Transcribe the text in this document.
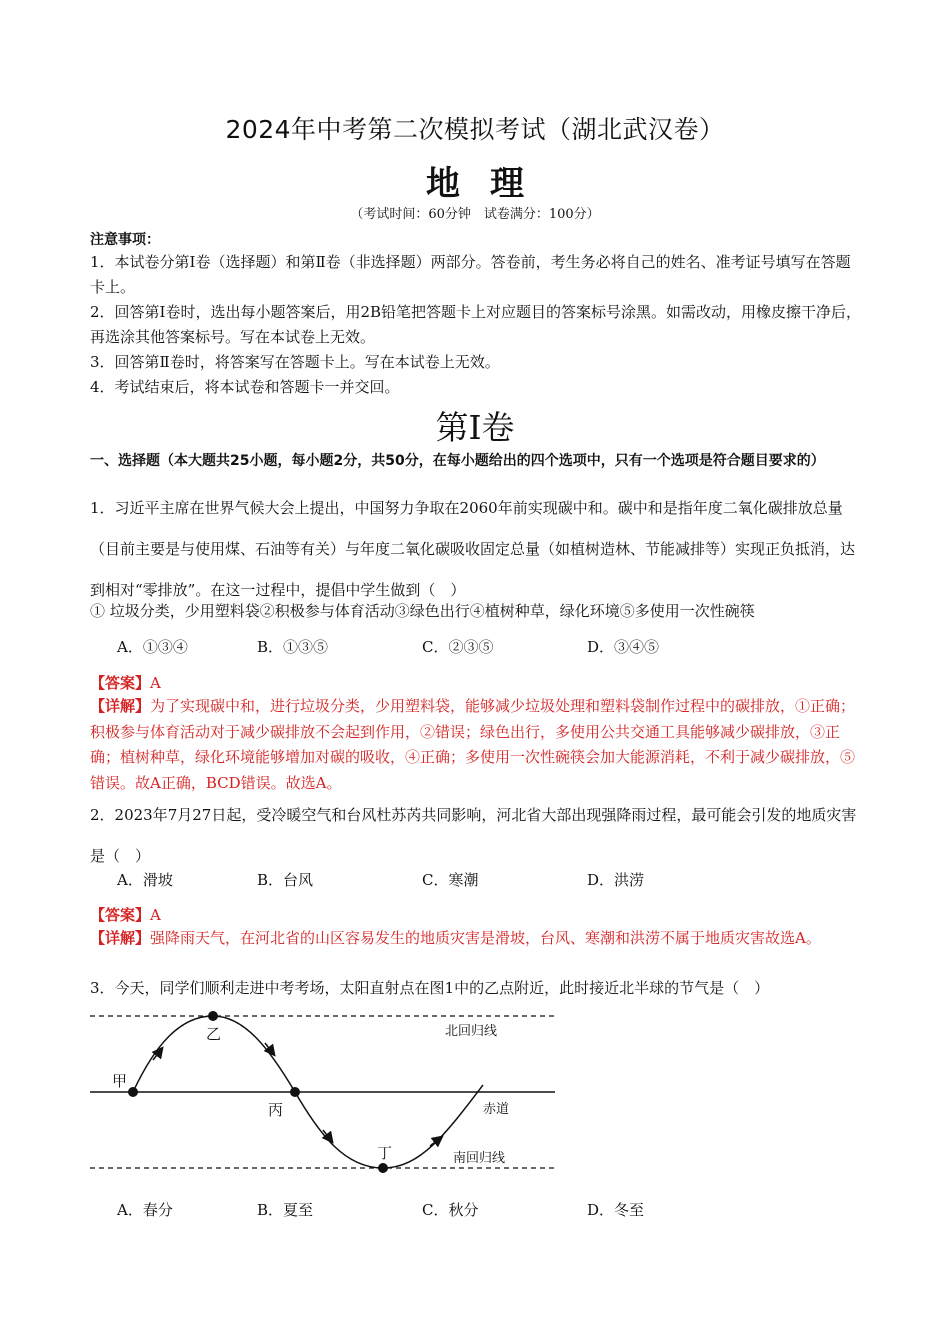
2024年中考第二次模拟考试（湖北武汉卷）
地理
（考试时间：60分钟　试卷满分：100分）
注意事项：

1．本试卷分第Ⅰ卷（选择题）和第Ⅱ卷（非选择题）两部分。答卷前，考生务必将自己的姓名、准考证号填写在答题卡上。

2．回答第Ⅰ卷时，选出每小题答案后，用2B铅笔把答题卡上对应题目的答案标号涂黑。如需改动，用橡皮擦干净后，再选涂其他答案标号。写在本试卷上无效。

3．回答第Ⅱ卷时，将答案写在答题卡上。写在本试卷上无效。

4．考试结束后，将本试卷和答题卡一并交回。

第Ⅰ卷
一、选择题（本大题共25小题，每小题2分，共50分，在每小题给出的四个选项中，只有一个选项是符合题目要求的）

1．习近平主席在世界气候大会上提出，中国努力争取在2060年前实现碳中和。碳中和是指年度二氧化碳排放总量（目前主要是与使用煤、石油等有关）与年度二氧化碳吸收固定总量（如植树造林、节能减排等）实现正负抵消，达到相对“零排放”。在这一过程中，提倡中学生做到（　）

① 垃圾分类，少用塑料袋②积极参与体育活动③绿色出行④植树种草，绿化环境⑤多使用一次性碗筷
A．①③④	B．①③⑤	C．②③⑤	D．③④⑤
【答案】A
【详解】为了实现碳中和，进行垃圾分类，少用塑料袋，能够减少垃圾处理和塑料袋制作过程中的碳排放，①正确；积极参与体育活动对于减少碳排放不会起到作用，②错误；绿色出行，多使用公共交通工具能够减少碳排放，③正确；植树种草，绿化环境能够增加对碳的吸收，④正确；多使用一次性碗筷会加大能源消耗，不利于减少碳排放，⑤错误。故A正确，BCD错误。故选A。
2．2023年7月27日起，受冷暖空气和台风杜苏芮共同影响，河北省大部出现强降雨过程，最可能会引发的地质灾害是（　）
A．滑坡	B．台风	C．寒潮	D．洪涝
【答案】A
【详解】强降雨天气，在河北省的山区容易发生的地质灾害是滑坡，台风、寒潮和洪涝不属于地质灾害故选A。
3．今天，同学们顺利走进中考考场，太阳直射点在图1中的乙点附近，此时接近北半球的节气是（　）
甲
乙
丙
丁
北回归线
赤道
南回归线
A．春分	B．夏至	C．秋分	D．冬至
